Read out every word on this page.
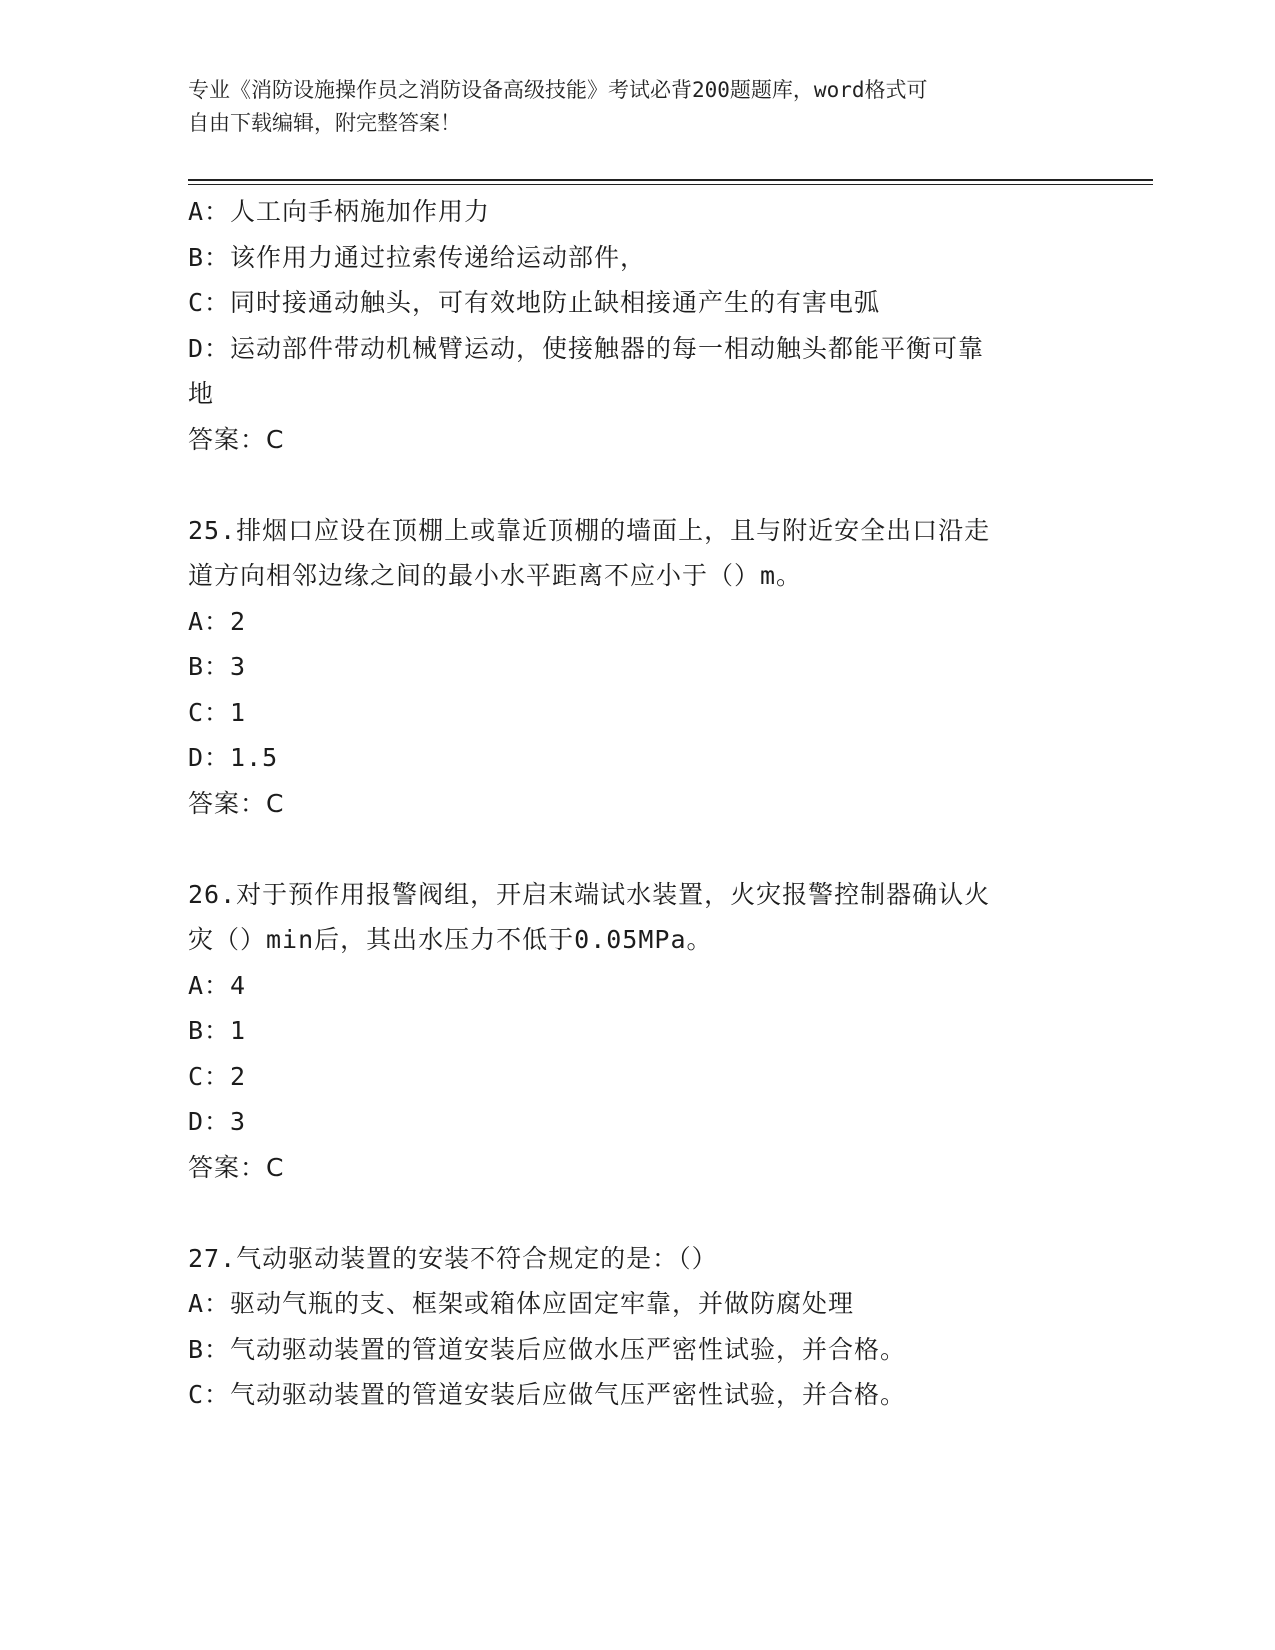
专业《消防设施操作员之消防设备高级技能》考试必背200题题库，word格式可
自由下载编辑，附完整答案！
A：人工向手柄施加作用力
B：该作用力通过拉索传递给运动部件，
C：同时接通动触头，可有效地防止缺相接通产生的有害电弧
D：运动部件带动机械臂运动，使接触器的每一相动触头都能平衡可靠
地
答案：C
25.排烟口应设在顶棚上或靠近顶棚的墙面上，且与附近安全出口沿走
道方向相邻边缘之间的最小水平距离不应小于（）m。
A：2
B：3
C：1
D：1.5
答案：C
26.对于预作用报警阀组，开启末端试水装置，火灾报警控制器确认火
灾（）min后，其出水压力不低于0.05MPa。
A：4
B：1
C：2
D：3
答案：C
27.气动驱动装置的安装不符合规定的是：（）
A：驱动气瓶的支、框架或箱体应固定牢靠，并做防腐处理
B：气动驱动装置的管道安装后应做水压严密性试验，并合格。
C：气动驱动装置的管道安装后应做气压严密性试验，并合格。
